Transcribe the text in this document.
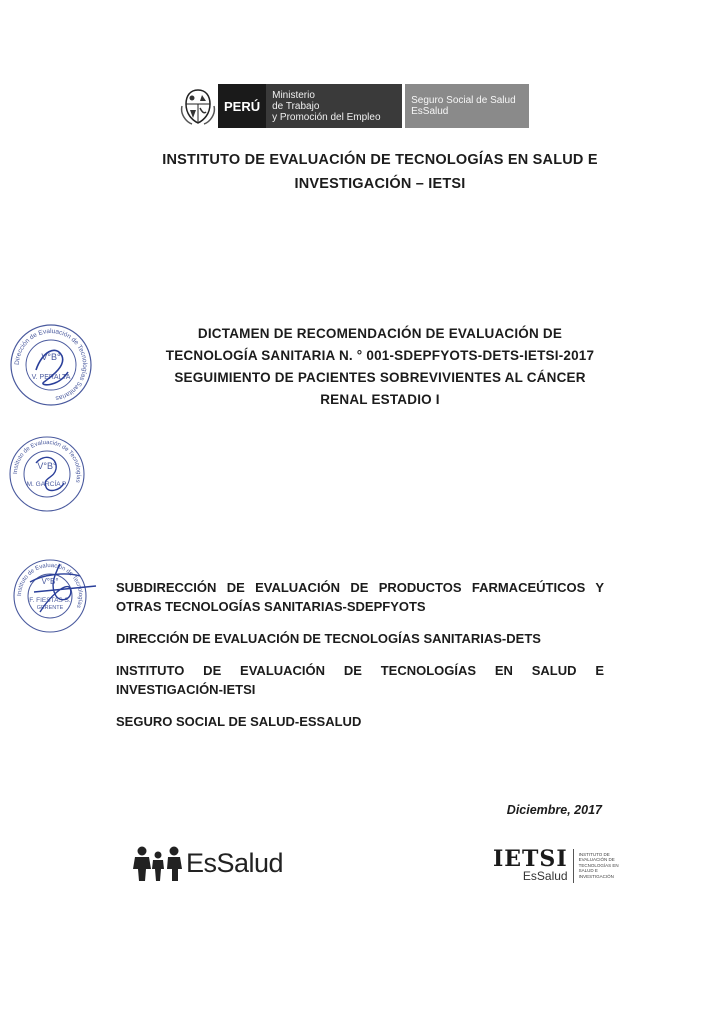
PERÚ
Ministerio
de Trabajo
y Promoción del Empleo
Seguro Social de Salud
EsSalud
INSTITUTO DE EVALUACIÓN DE TECNOLOGÍAS EN SALUD E
INVESTIGACIÓN – IETSI
Dirección de Evaluación de Tecnologías Sanitarias
V°B°
V. PERALTA
DICTAMEN DE RECOMENDACIÓN DE EVALUACIÓN DE
TECNOLOGÍA SANITARIA N. ° 001-SDEPFYOTS-DETS-IETSI-2017
SEGUIMIENTO DE PACIENTES SOBREVIVIENTES AL CÁNCER
RENAL ESTADIO I
Instituto de Evaluación de Tecnologías
V°B°
M. GARCÍA P.
Instituto de Evaluación de Tecnologías
V°B°
F. FIESTAS S.
GERENTE
SUBDIRECCIÓN DE EVALUACIÓN DE PRODUCTOS FARMACEÚTICOS Y OTRAS TECNOLOGÍAS SANITARIAS-SDEPFYOTS
DIRECCIÓN DE EVALUACIÓN DE TECNOLOGÍAS SANITARIAS-DETS
INSTITUTO DE EVALUACIÓN DE TECNOLOGÍAS EN SALUD E INVESTIGACIÓN-IETSI
SEGURO SOCIAL DE SALUD-ESSALUD
Diciembre, 2017
EsSalud	IETSI
EsSalud
INSTITUTO DE
EVALUACIÓN DE
TECNOLOGÍAS EN
SALUD E
INVESTIGACIÓN
